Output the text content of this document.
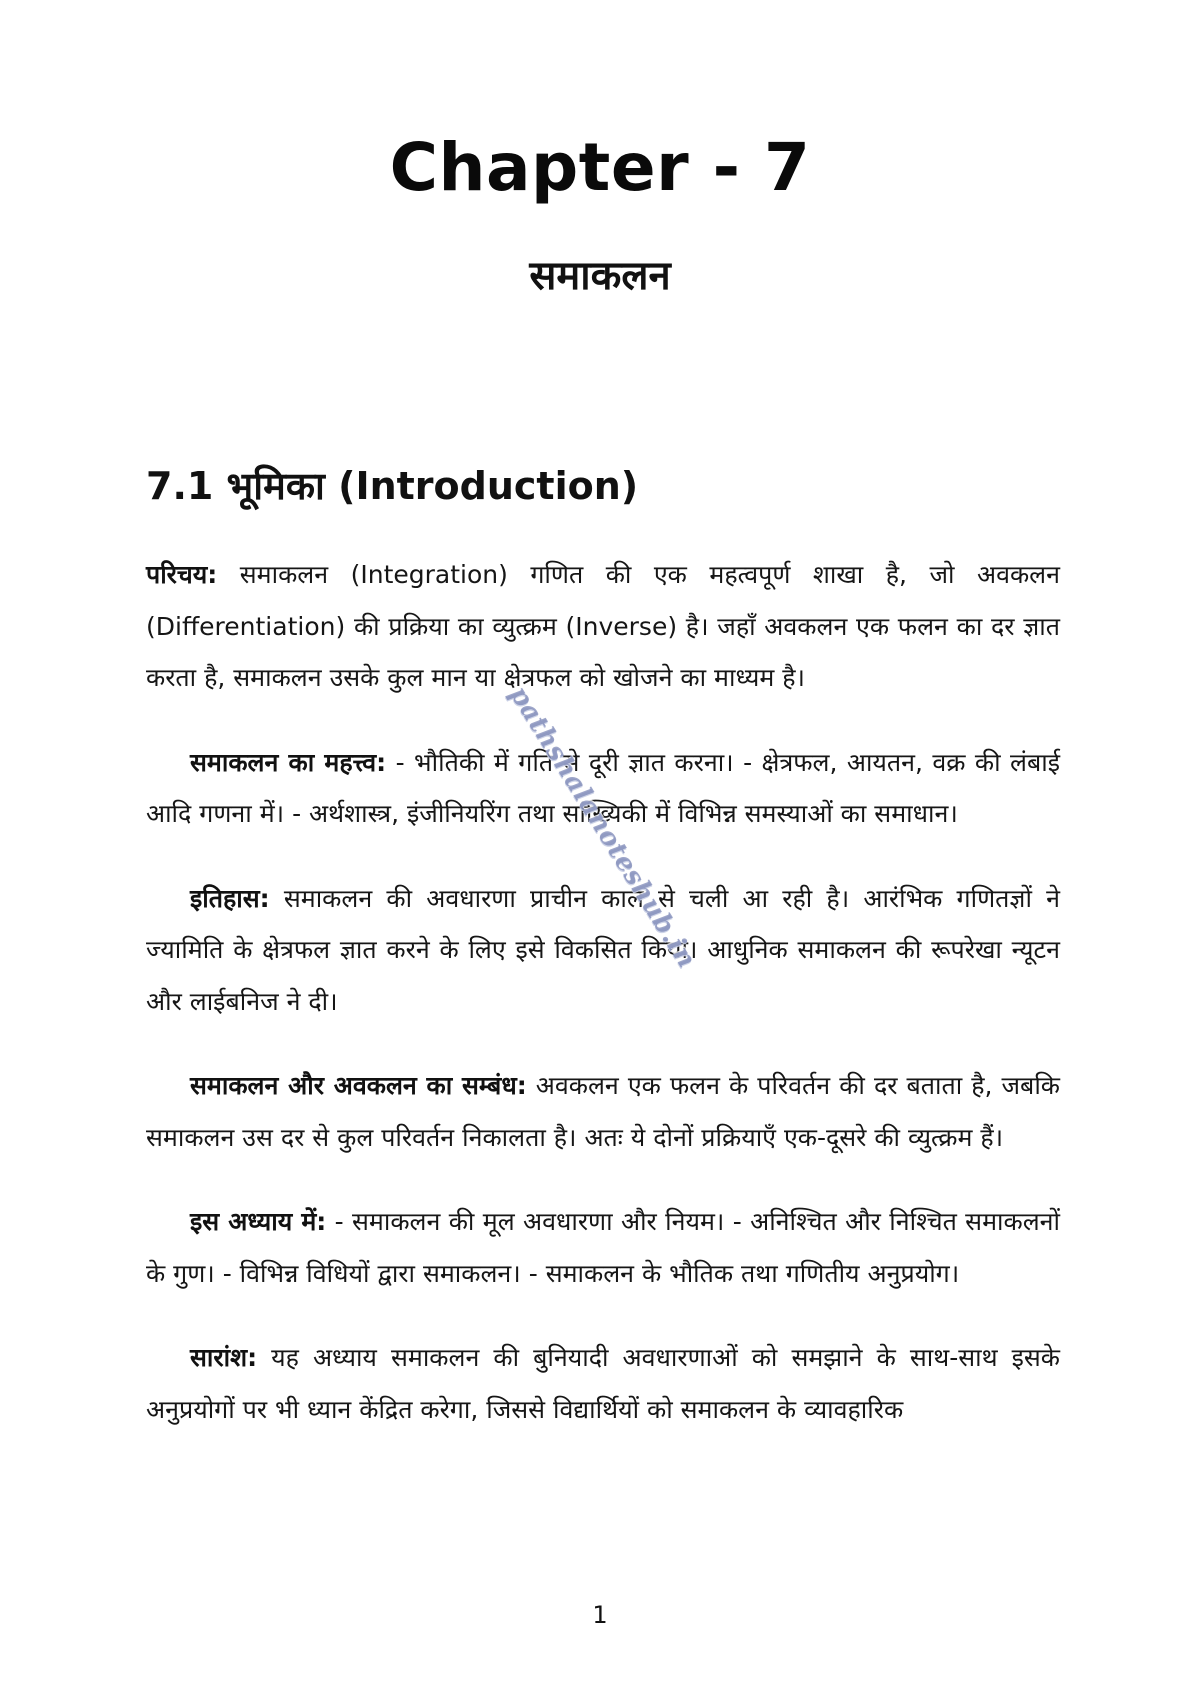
Chapter - 7
समाकलन
7.1 भूमिका (Introduction)

परिचय: समाकलन (Integration) गणित की एक महत्वपूर्ण शाखा है, जो अवकलन (Differentiation) की प्रक्रिया का व्युत्क्रम (Inverse) है। जहाँ अवकलन एक फलन का दर ज्ञात करता है, समाकलन उसके कुल मान या क्षेत्रफल को खोजने का माध्यम है।

समाकलन का महत्त्व: - भौतिकी में गति से दूरी ज्ञात करना। - क्षेत्रफल, आयतन, वक्र की लंबाई आदि गणना में। - अर्थशास्त्र, इंजीनियरिंग तथा सांख्यिकी में विभिन्न समस्याओं का समाधान।

इतिहास: समाकलन की अवधारणा प्राचीन काल से चली आ रही है। आरंभिक गणितज्ञों ने ज्यामिति के क्षेत्रफल ज्ञात करने के लिए इसे विकसित किया। आधुनिक समाकलन की रूपरेखा न्यूटन और लाईबनिज ने दी।

समाकलन और अवकलन का सम्बंध: अवकलन एक फलन के परिवर्तन की दर बताता है, जबकि समाकलन उस दर से कुल परिवर्तन निकालता है। अतः ये दोनों प्रक्रियाएँ एक-दूसरे की व्युत्क्रम हैं।

इस अध्याय में: - समाकलन की मूल अवधारणा और नियम। - अनिश्चित और निश्चित समाकलनों के गुण। - विभिन्न विधियों द्वारा समाकलन। - समाकलन के भौतिक तथा गणितीय अनुप्रयोग।

सारांश: यह अध्याय समाकलन की बुनियादी अवधारणाओं को समझाने के साथ-साथ इसके अनुप्रयोगों पर भी ध्यान केंद्रित करेगा, जिससे विद्यार्थियों को समाकलन के व्यावहारिक

pathshalanoteshub.in
1
